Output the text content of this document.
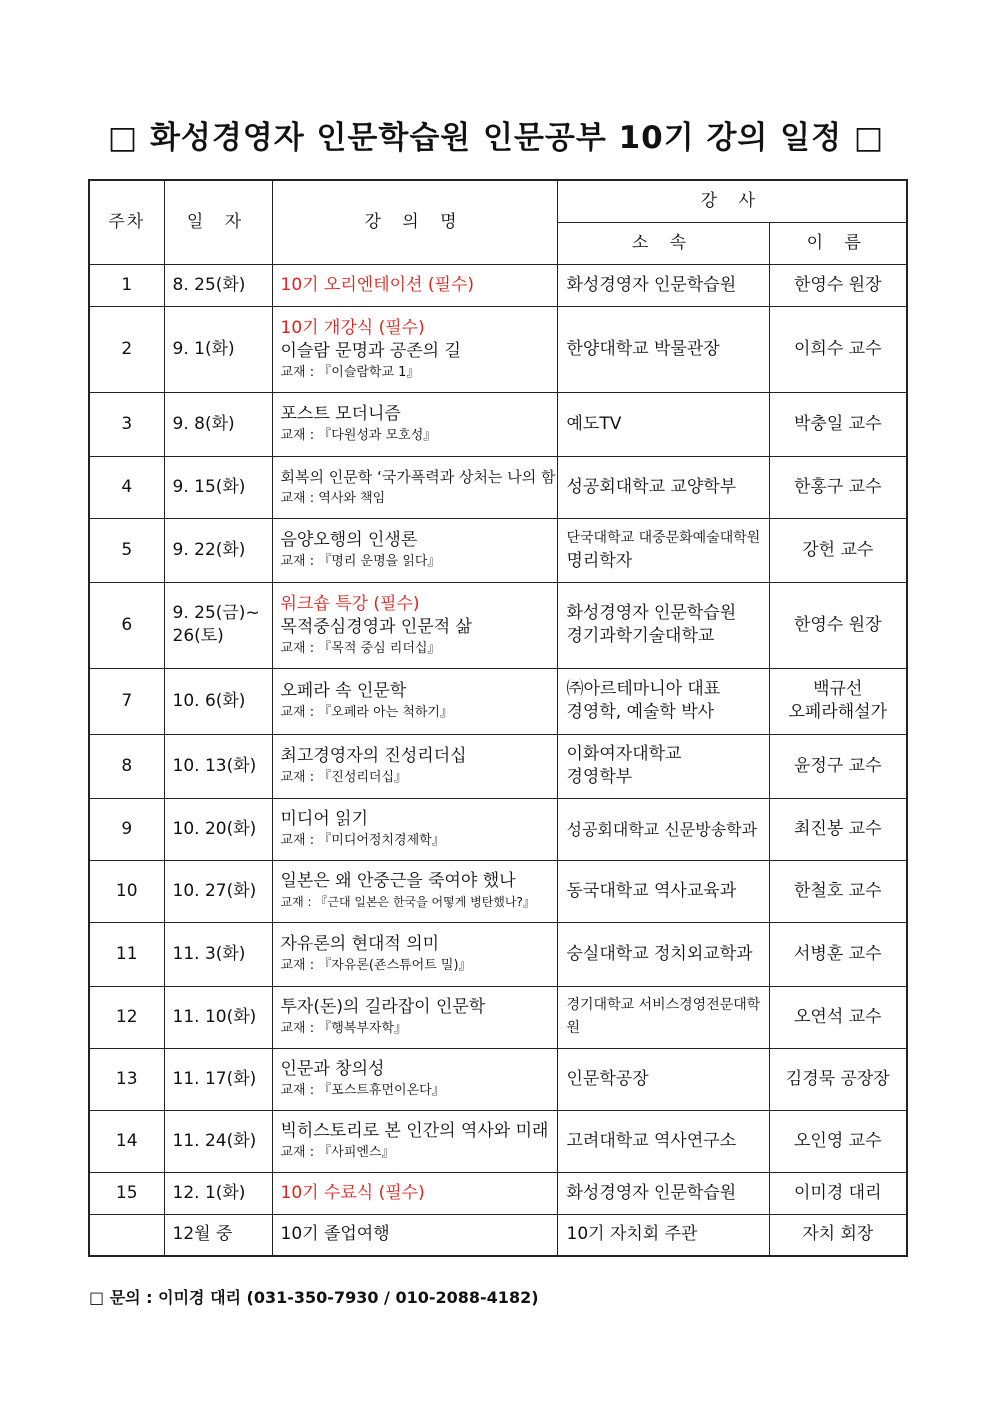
□ 화성경영자 인문학습원 인문공부 10기 강의 일정 □
주차	일 자	강 의 명	강 사	
			소 속	이 름
1	8. 25(화)	10기 오리엔테이션 (필수)	화성경영자 인문학습원	한영수 원장

2	9. 1(화)	10기 개강식 (필수)
이슬람 문명과 공존의 길
교재 : 『이슬람학교 1』	한양대학교 박물관장	이희수 교수

3	9. 8(화)	포스트 모더니즘
교재 : 『다원성과 모호성』	예도TV	박충일 교수

4	9. 15(화)	회복의 인문학 ‘국가폭력과 상처는 나의 함
교재 : 역사와 책임	성공회대학교 교양학부	한홍구 교수

5	9. 22(화)	음양오행의 인생론
교재 : 『명리 운명을 읽다』	단국대학교 대중문화예술대학원
명리학자	강헌 교수

6	9. 25(금)~
26(토)	워크숍 특강 (필수)
목적중심경영과 인문적 삶
교재 : 『목적 중심 리더십』	화성경영자 인문학습원
경기과학기술대학교	한영수 원장

7	10. 6(화)	오페라 속 인문학
교재 : 『오페라 아는 척하기』	㈜아르테마니아 대표
경영학, 예술학 박사	백규선
오페라해설가

8	10. 13(화)	최고경영자의 진성리더십
교재 : 『진성리더십』	이화여자대학교
경영학부	윤정구 교수

9	10. 20(화)	미디어 읽기
교재 : 『미디어정치경제학』	성공회대학교 신문방송학과	최진봉 교수

10	10. 27(화)	일본은 왜 안중근을 죽여야 했나
교재 : 『근대 일본은 한국을 어떻게 병탄했나?』	동국대학교 역사교육과	한철호 교수

11	11. 3(화)	자유론의 현대적 의미
교재 : 『자유론(죤스튜어트 밀)』	숭실대학교 정치외교학과	서병훈 교수

12	11. 10(화)	투자(돈)의 길라잡이 인문학
교재 : 『행복부자학』	경기대학교 서비스경영전문대학원	오연석 교수

13	11. 17(화)	인문과 창의성
교재 : 『포스트휴먼이온다』	인문학공장	김경묵 공장장

14	11. 24(화)	빅히스토리로 본 인간의 역사와 미래
교재 : 『사피엔스』	고려대학교 역사연구소	오인영 교수

15	12. 1(화)	10기 수료식 (필수)	화성경영자 인문학습원	이미경 대리

	12월 중	10기 졸업여행	10기 자치회 주관	자치 회장
□ 문의 : 이미경 대리 (031-350-7930 / 010-2088-4182)
